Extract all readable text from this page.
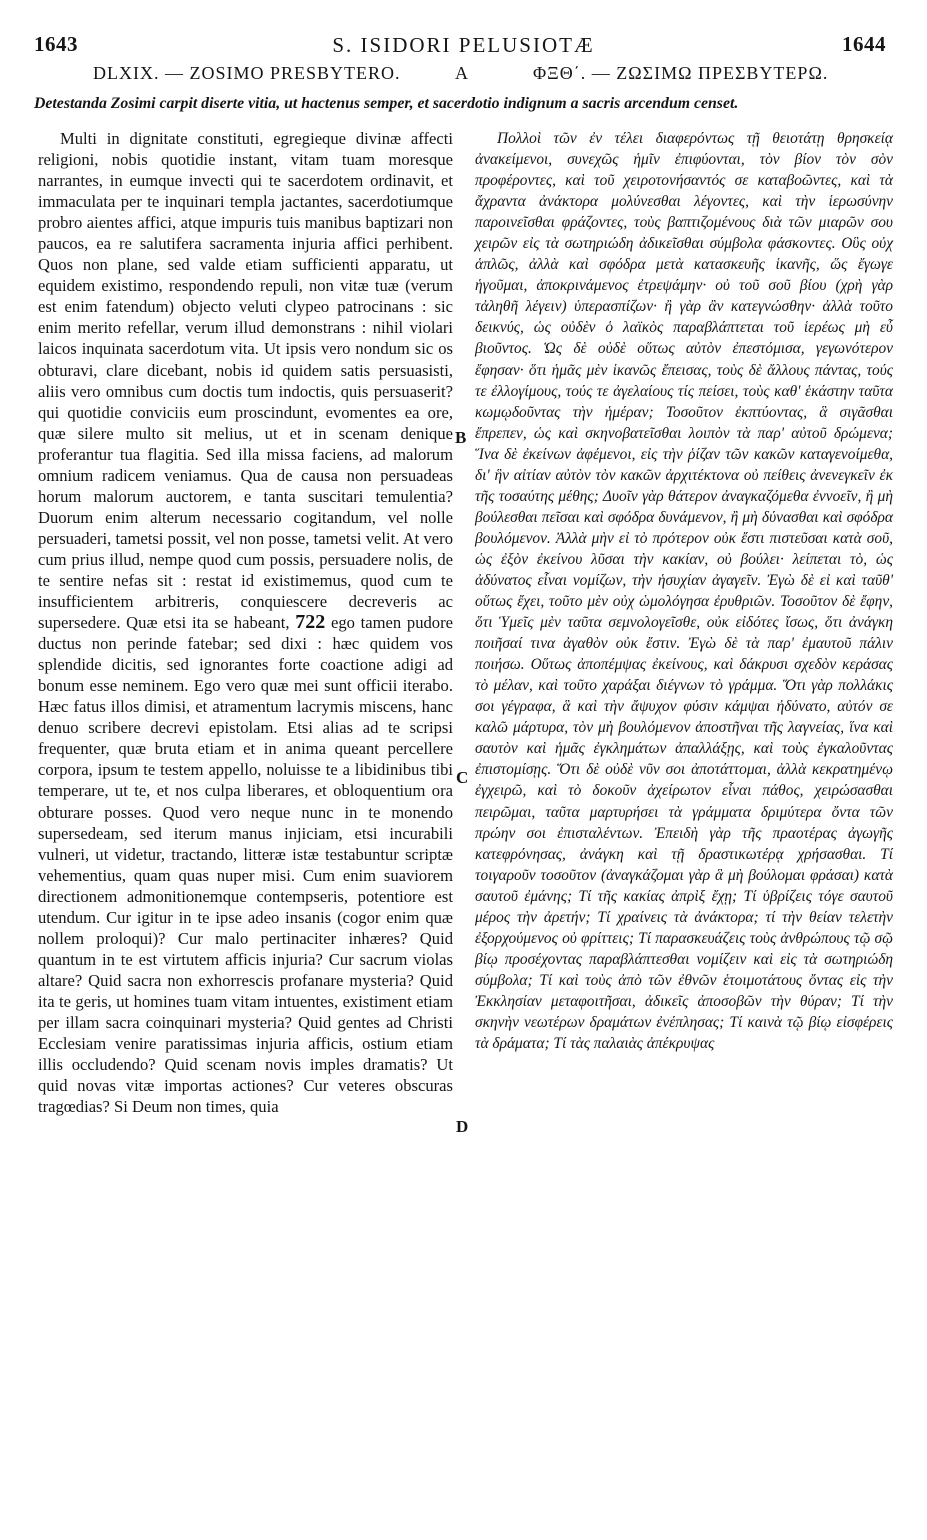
1643	S. ISIDORI PELUSIOTÆ	1644
DLXIX. — ZOSIMO PRESBYTERO.	A	ΦΞΘ΄. — ΖΩΣΙΜΩ ΠΡΕΣΒΥΤΕΡΩ.
Detestanda Zosimi carpit diserte vitia, ut hactenus semper, et sacerdotio indignum a sacris arcendum censet.

Multi in dignitate constituti, egregieque divinæ affecti religioni, nobis quotidie instant, vitam tuam moresque narrantes, in eumque invecti qui te sacerdotem ordinavit, et immaculata per te inquinari templa jactantes, sacerdotiumque probro aientes affici, atque impuris tuis manibus baptizari non paucos, ea re salutifera sacramenta injuria affici perhibent. Quos non plane, sed valde etiam sufficienti apparatu, ut equidem existimo, respondendo repuli, non vitæ tuæ (verum est enim fatendum) objecto veluti clypeo patrocinans : sic enim merito refellar, verum illud demonstrans : nihil violari laicos inquinata sacerdotum vita. Ut ipsis vero nondum sic os obturavi, clare dicebant, nobis id quidem satis persuasisti, aliis vero omnibus cum doctis tum indoctis, quis persuaserit? qui quotidie conviciis eum proscindunt, evomentes ea ore, quæ silere multo sit melius, ut et in scenam denique proferantur tua flagitia. Sed illa missa faciens, ad malorum omnium radicem veniamus. Qua de causa non persuadeas horum malorum auctorem, e tanta suscitari temulentia? Duorum enim alterum necessario cogitandum, vel nolle persuaderi, tametsi possit, vel non posse, tametsi velit. At vero cum prius illud, nempe quod cum possis, persuadere nolis, de te sentire nefas sit : restat id existimemus, quod cum te insufficientem arbitreris, conquiescere decreveris ac supersedere. Quæ etsi ita se habeant, 722 ego tamen pudore ductus non perinde fatebar; sed dixi : hæc quidem vos splendide dicitis, sed ignorantes forte coactione adigi ad bonum esse neminem. Ego vero quæ mei sunt officii iterabo. Hæc fatus illos dimisi, et atramentum lacrymis miscens, hanc denuo scribere decrevi epistolam. Etsi alias ad te scripsi frequenter, quæ bruta etiam et in anima queant percellere corpora, ipsum te testem appello, noluisse te a libidinibus tibi temperare, ut te, et nos culpa liberares, et obloquentium ora obturare posses. Quod vero neque nunc in te monendo supersedeam, sed iterum manus injiciam, etsi incurabili vulneri, ut videtur, tractando, litteræ istæ testabuntur scriptæ vehementius, quam quas nuper misi. Cum enim suaviorem directionem admonitionemque contempseris, potentiore est utendum. Cur igitur in te ipse adeo insanis (cogor enim quæ nollem proloqui)? Cur malo pertinaciter inhæres? Quid quantum in te est virtutem afficis injuria? Cur sacrum violas altare? Quid sacra non exhorrescis profanare mysteria? Quid ita te geris, ut homines tuam vitam intuentes, existiment etiam per illam sacra coinquinari mysteria? Quid gentes ad Christi Ecclesiam venire paratissimas injuria afficis, ostium etiam illis occludendo? Quid scenam novis imples dramatis? Ut quid novas vitæ importas actiones? Cur veteres obscuras tragœdias? Si Deum non times, quia

Πολλοὶ τῶν ἐν τέλει διαφερόντως τῇ θειοτάτῃ θρησκείᾳ ἀνακείμενοι, συνεχῶς ἡμῖν ἐπιφύονται, τὸν βίον τὸν σὸν προφέροντες, καὶ τοῦ χειροτονήσαντός σε καταβοῶντες, καὶ τὰ ἄχραντα ἀνάκτορα μολύνεσθαι λέγοντες, καὶ τὴν ἱερωσύνην παροινεῖσθαι φράζοντες, τοὺς βαπτιζομένους διὰ τῶν μιαρῶν σου χειρῶν εἰς τὰ σωτηριώδη ἀδικεῖσθαι σύμβολα φάσκοντες. Οὓς οὐχ ἁπλῶς, ἀλλὰ καὶ σφόδρα μετὰ κατασκευῆς ἱκανῆς, ὥς ἔγωγε ἡγοῦμαι, ἀποκρινάμενος ἐτρεψάμην· οὐ τοῦ σοῦ βίου (χρὴ γὰρ τἀληθῆ λέγειν) ὑπερασπίζων· ἢ γὰρ ἂν κατεγνώσθην· ἀλλὰ τοῦτο δεικνύς, ὡς οὐδὲν ὁ λαϊκὸς παραβλάπτεται τοῦ ἱερέως μὴ εὖ βιοῦντος. Ὡς δὲ οὐδὲ οὕτως αὐτὸν ἐπεστόμισα, γεγωνότερον ἔφησαν· ὅτι ἡμᾶς μὲν ἱκανῶς ἔπεισας, τοὺς δὲ ἄλλους πάντας, τούς τε ἐλλογίμους, τούς τε ἀγελαίους τίς πείσει, τοὺς καθ' ἑκάστην ταῦτα κωμῳδοῦντας τὴν ἡμέραν; Τοσοῦτον ἐκπτύοντας, ἃ σιγᾶσθαι ἔπρεπεν, ὡς καὶ σκηνοβατεῖσθαι λοιπὸν τὰ παρ' αὐτοῦ δρώμενα; Ἵνα δὲ ἐκείνων ἀφέμενοι, εἰς τὴν ῥίζαν τῶν κακῶν καταγενοίμεθα, δι' ἣν αἰτίαν αὐτὸν τὸν κακῶν ἀρχιτέκτονα οὐ πείθεις ἀνενεγκεῖν ἐκ τῆς τοσαύτης μέθης; Δυοῖν γὰρ θάτερον ἀναγκαζόμεθα ἐννοεῖν, ἢ μὴ βούλεσθαι πεῖσαι καὶ σφόδρα δυνάμενον, ἢ μὴ δύνασθαι καὶ σφόδρα βουλόμενον. Ἀλλὰ μὴν εἰ τὸ πρότερον οὐκ ἔστι πιστεῦσαι κατὰ σοῦ, ὡς ἐξὸν ἐκείνου λῦσαι τὴν κακίαν, οὐ βούλει· λείπεται τὸ, ὡς ἀδύνατος εἶναι νομίζων, τὴν ἡσυχίαν ἀγαγεῖν. Ἐγὼ δὲ εἰ καὶ ταῦθ' οὕτως ἔχει, τοῦτο μὲν οὐχ ὡμολόγησα ἐρυθριῶν. Τοσοῦτον δὲ ἔφην, ὅτι Ὑμεῖς μὲν ταῦτα σεμνολογεῖσθε, οὐκ εἰδότες ἴσως, ὅτι ἀνάγκη ποιῆσαί τινα ἀγαθὸν οὐκ ἔστιν. Ἐγὼ δὲ τὰ παρ' ἐμαυτοῦ πάλιν ποιήσω. Οὕτως ἀποπέμψας ἐκείνους, καὶ δάκρυσι σχεδὸν κεράσας τὸ μέλαν, καὶ τοῦτο χαράξαι διέγνων τὸ γράμμα. Ὅτι γὰρ πολλάκις σοι γέγραφα, ἃ καὶ τὴν ἄψυχον φύσιν κάμψαι ἠδύνατο, αὐτόν σε καλῶ μάρτυρα, τὸν μὴ βουλόμενον ἀποστῆναι τῆς λαγνείας, ἵνα καὶ σαυτὸν καὶ ἡμᾶς ἐγκλημάτων ἀπαλλάξῃς, καὶ τοὺς ἐγκαλοῦντας ἐπιστομίσῃς. Ὅτι δὲ οὐδὲ νῦν σοι ἀποτάττομαι, ἀλλὰ κεκρατημένῳ ἐγχειρῶ, καὶ τὸ δοκοῦν ἀχείρωτον εἶναι πάθος, χειρώσασθαι πειρῶμαι, ταῦτα μαρτυρήσει τὰ γράμματα δριμύτερα ὄντα τῶν πρώην σοι ἐπισταλέντων. Ἐπειδὴ γὰρ τῆς πραοτέρας ἀγωγῆς κατεφρόνησας, ἀνάγκη καὶ τῇ δραστικωτέρᾳ χρήσασθαι. Τί τοιγαροῦν τοσοῦτον (ἀναγκάζομαι γὰρ ἃ μὴ βούλομαι φράσαι) κατὰ σαυτοῦ ἐμάνης; Τί τῆς κακίας ἀπρὶξ ἔχῃ; Τί ὑβρίζεις τόγε σαυτοῦ μέρος τὴν ἀρετήν; Τί χραίνεις τὰ ἀνάκτορα; τί τὴν θείαν τελετὴν ἐξορχούμενος οὐ φρίττεις; Τί παρασκευάζεις τοὺς ἀνθρώπους τῷ σῷ βίῳ προσέχοντας παραβλάπτεσθαι νομίζειν καὶ εἰς τὰ σωτηριώδη σύμβολα; Τί καὶ τοὺς ἀπὸ τῶν ἐθνῶν ἑτοιμοτάτους ὄντας εἰς τὴν Ἐκκλησίαν μεταφοιτῆσαι, ἀδικεῖς ἀποσοβῶν τὴν θύραν; Τί τὴν σκηνὴν νεωτέρων δραμάτων ἐνέπλησας; Τί καινὰ τῷ βίῳ εἰσφέρεις τὰ δράματα; Τί τὰς παλαιὰς ἀπέκρυψας

B
C
D
